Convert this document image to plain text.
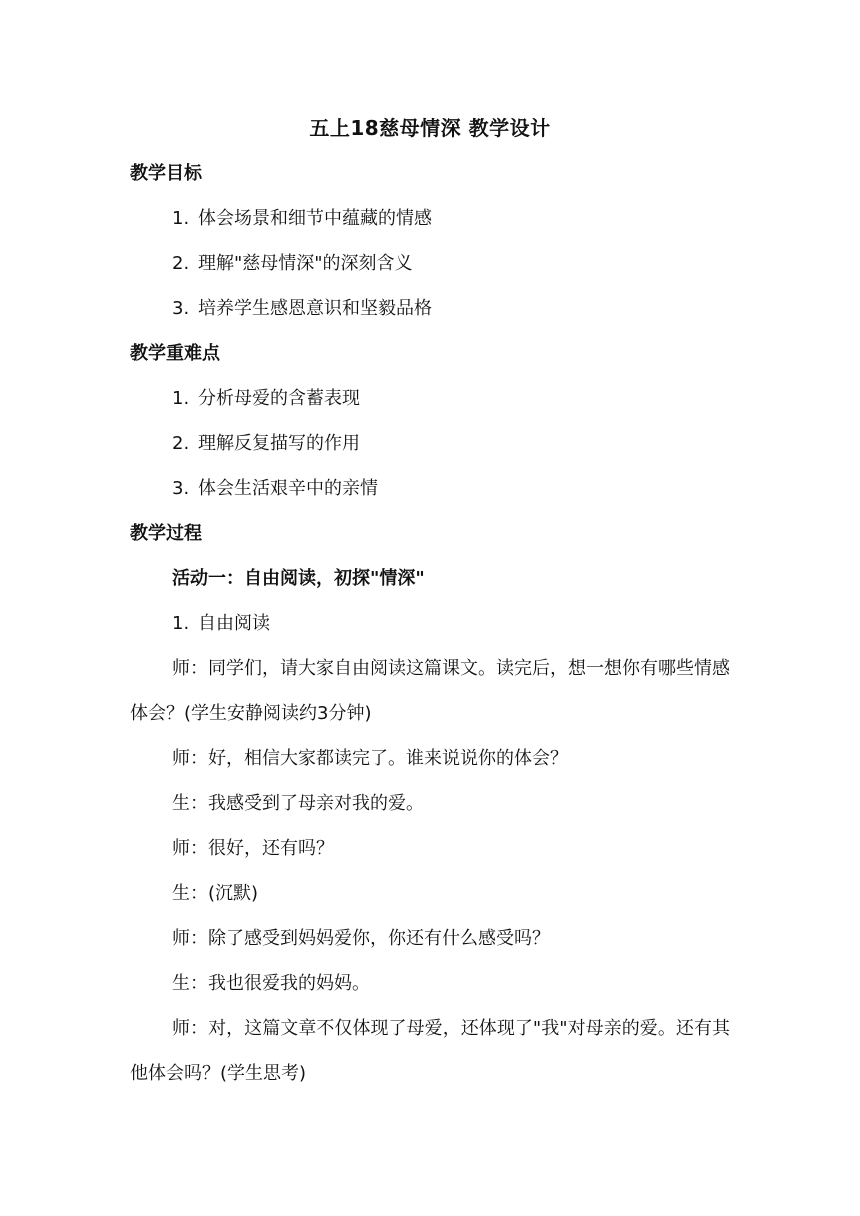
五上18慈母情深 教学设计
教学目标
1. 体会场景和细节中蕴藏的情感
2. 理解"慈母情深"的深刻含义
3. 培养学生感恩意识和坚毅品格
教学重难点
1. 分析母爱的含蓄表现
2. 理解反复描写的作用
3. 体会生活艰辛中的亲情
教学过程
活动一：自由阅读，初探"情深"
1. 自由阅读

师：同学们，请大家自由阅读这篇课文。读完后，想一想你有哪些情感体会？(学生安静阅读约3分钟)

师：好，相信大家都读完了。谁来说说你的体会？

生：我感受到了母亲对我的爱。

师：很好，还有吗？

生：(沉默)

师：除了感受到妈妈爱你，你还有什么感受吗？

生：我也很爱我的妈妈。

师：对，这篇文章不仅体现了母爱，还体现了"我"对母亲的爱。还有其他体会吗？(学生思考)
